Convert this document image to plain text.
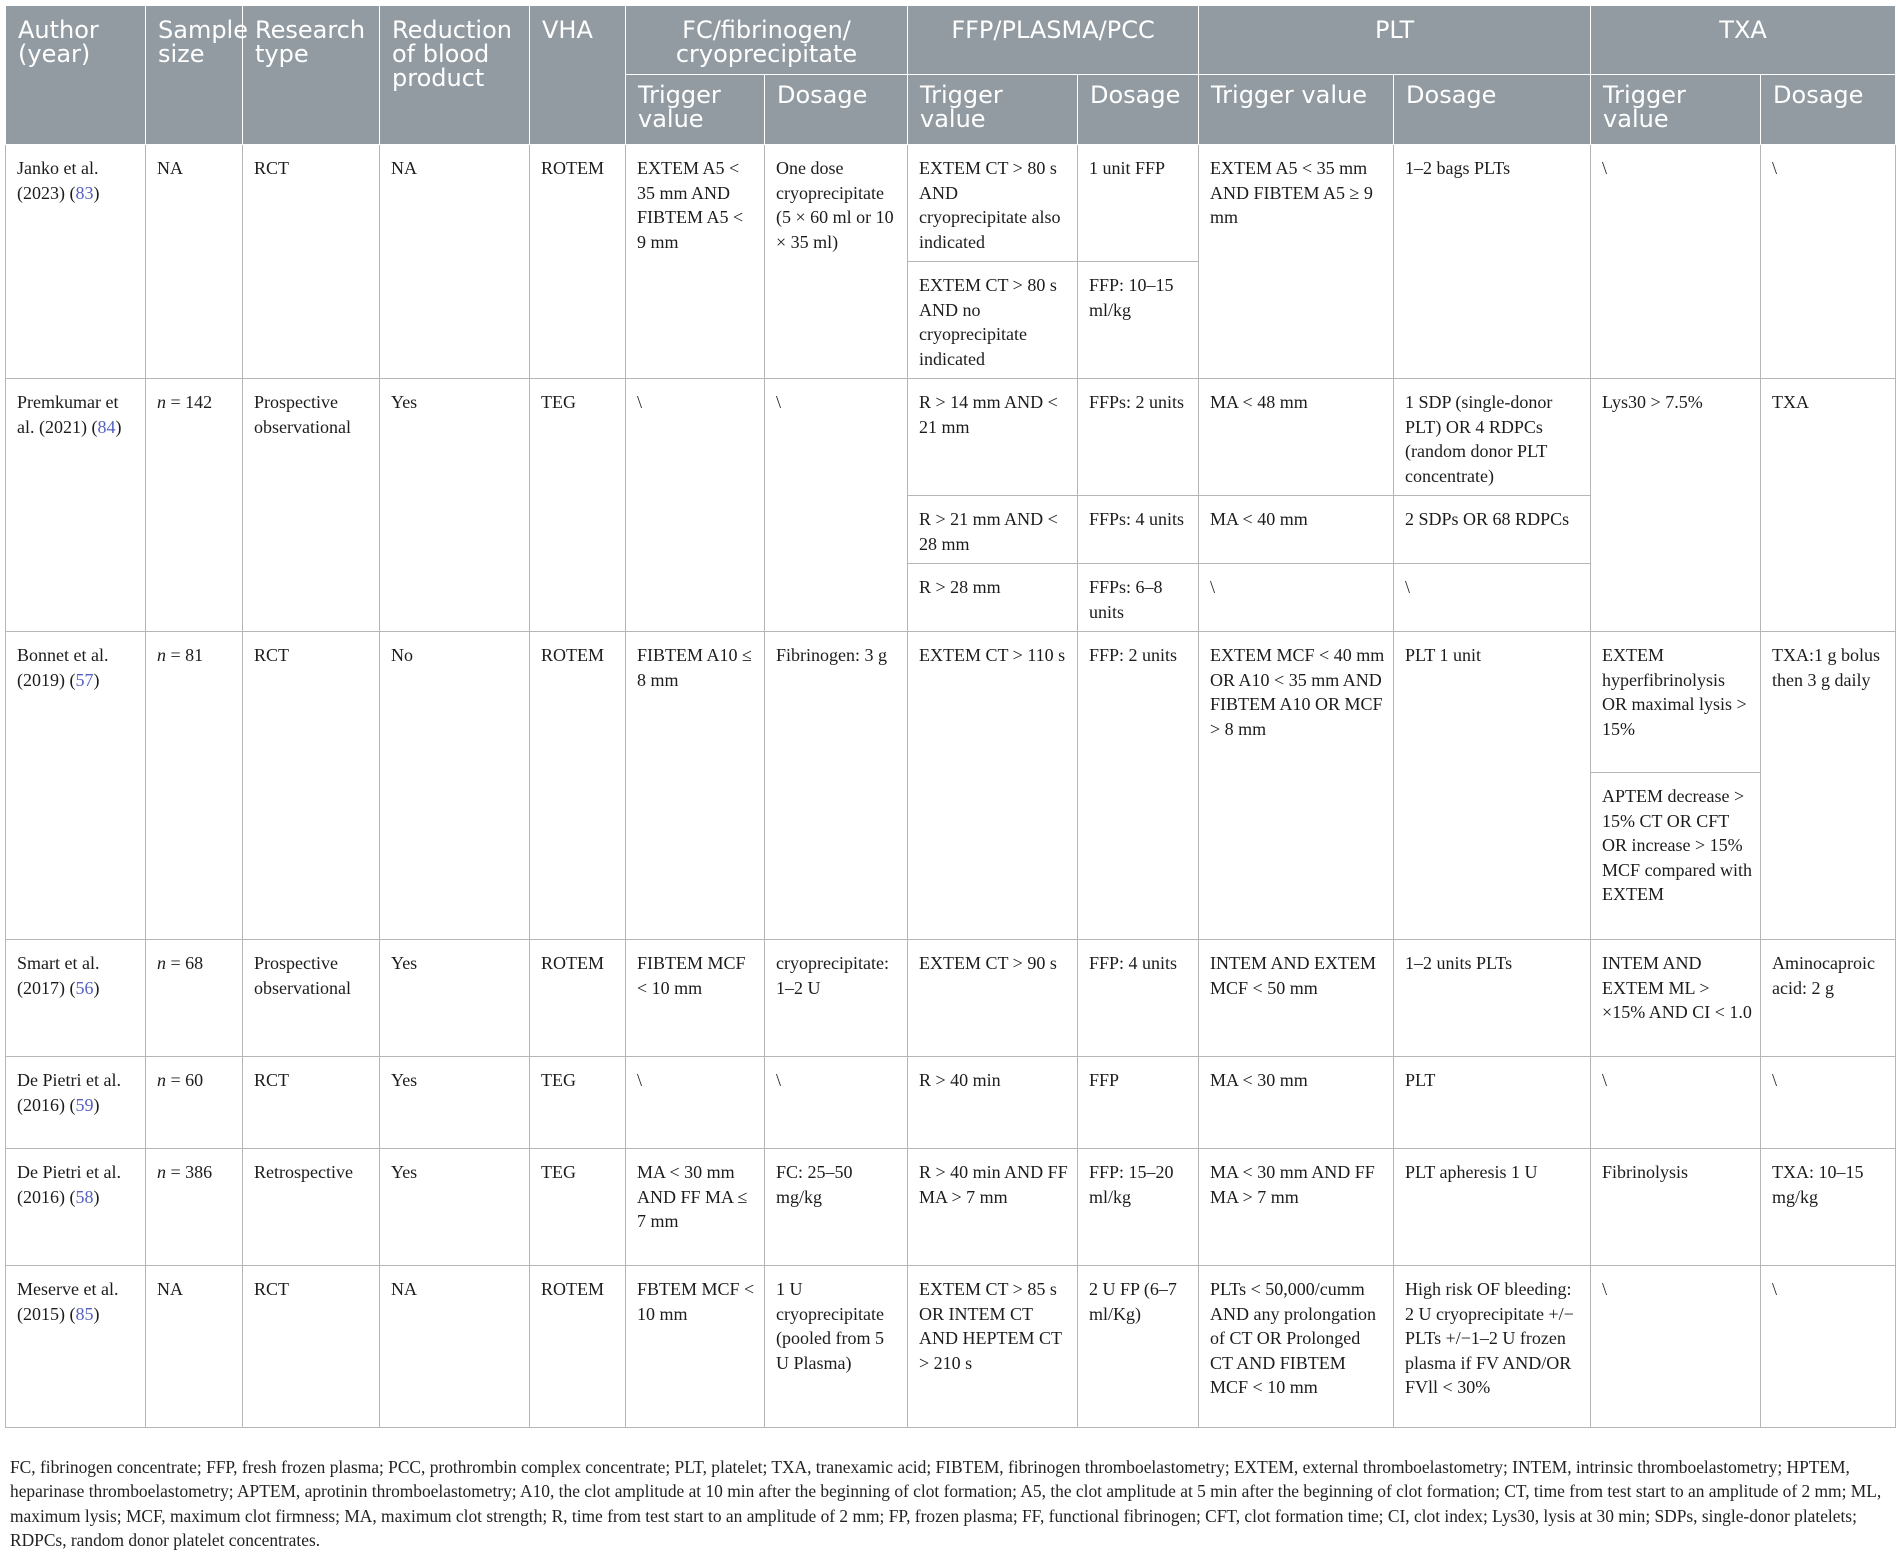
Author (year)	Sample size	Research type	Reduction of blood product	VHA	FC/fibrinogen/ cryoprecipitate		FFP/PLASMA/PCC		PLT		TXA	
					Trigger value	Dosage	Trigger value	Dosage	Trigger value	Dosage	Trigger value	Dosage
Janko et al. (2023) (83)	NA	RCT	NA	ROTEM	EXTEM A5 < 35 mm AND FIBTEM A5 < 9 mm	One dose cryoprecipitate (5 × 60 ml or 10 × 35 ml)	EXTEM CT > 80 s AND cryoprecipitate also indicated	1 unit FFP	EXTEM A5 < 35 mm AND FIBTEM A5 ≥ 9 mm	1–2 bags PLTs	\	\
							EXTEM CT > 80 s AND no cryoprecipitate indicated	FFP: 10–15 ml/kg				
Premkumar et al. (2021) (84)	n = 142	Prospective observational	Yes	TEG	\	\	R > 14 mm AND < 21 mm	FFPs: 2 units	MA < 48 mm	1 SDP (single-donor PLT) OR 4 RDPCs (random donor PLT concentrate)	Lys30 > 7.5%	TXA
							R > 21 mm AND < 28 mm	FFPs: 4 units	MA < 40 mm	2 SDPs OR 68 RDPCs		
							R > 28 mm	FFPs: 6–8 units	\	\		
Bonnet et al. (2019) (57)	n = 81	RCT	No	ROTEM	FIBTEM A10 ≤ 8 mm	Fibrinogen: 3 g	EXTEM CT > 110 s	FFP: 2 units	EXTEM MCF < 40 mm OR A10 < 35 mm AND FIBTEM A10 OR MCF > 8 mm	PLT 1 unit	EXTEM hyperfibrinolysis OR maximal lysis > 15%	TXA:1 g bolus then 3 g daily
											APTEM decrease > 15% CT OR CFT OR increase > 15% MCF compared with EXTEM	
Smart et al. (2017) (56)	n = 68	Prospective observational	Yes	ROTEM	FIBTEM MCF < 10 mm	cryoprecipitate: 1–2 U	EXTEM CT > 90 s	FFP: 4 units	INTEM AND EXTEM MCF < 50 mm	1–2 units PLTs	INTEM AND EXTEM ML > ×15% AND CI < 1.0	Aminocaproic acid: 2 g
De Pietri et al. (2016) (59)	n = 60	RCT	Yes	TEG	\	\	R > 40 min	FFP	MA < 30 mm	PLT	\	\
De Pietri et al. (2016) (58)	n = 386	Retrospective	Yes	TEG	MA < 30 mm AND FF MA ≤ 7 mm	FC: 25–50 mg/kg	R > 40 min AND FF MA > 7 mm	FFP: 15–20 ml/kg	MA < 30 mm AND FF MA > 7 mm	PLT apheresis 1 U	Fibrinolysis	TXA: 10–15 mg/kg
Meserve et al. (2015) (85)	NA	RCT	NA	ROTEM	FBTEM MCF < 10 mm	1 U cryoprecipitate (pooled from 5 U Plasma)	EXTEM CT > 85 s OR INTEM CT AND HEPTEM CT > 210 s	2 U FP (6–7 ml/Kg)	PLTs < 50,000/cumm AND any prolongation of CT OR Prolonged CT AND FIBTEM MCF < 10 mm	High risk OF bleeding: 2 U cryoprecipitate +/− PLTs +/−1–2 U frozen plasma if FV AND/OR FVll < 30%	\	\
FC, fibrinogen concentrate; FFP, fresh frozen plasma; PCC, prothrombin complex concentrate; PLT, platelet; TXA, tranexamic acid; FIBTEM, fibrinogen thromboelastometry; EXTEM, external thromboelastometry; INTEM, intrinsic thromboelastometry; HPTEM, heparinase thromboelastometry; APTEM, aprotinin thromboelastometry; A10, the clot amplitude at 10 min after the beginning of clot formation; A5, the clot amplitude at 5 min after the beginning of clot formation; CT, time from test start to an amplitude of 2 mm; ML, maximum lysis; MCF, maximum clot firmness; MA, maximum clot strength; R, time from test start to an amplitude of 2 mm; FP, frozen plasma; FF, functional fibrinogen; CFT, clot formation time; CI, clot index; Lys30, lysis at 30 min; SDPs, single-donor platelets; RDPCs, random donor platelet concentrates.
